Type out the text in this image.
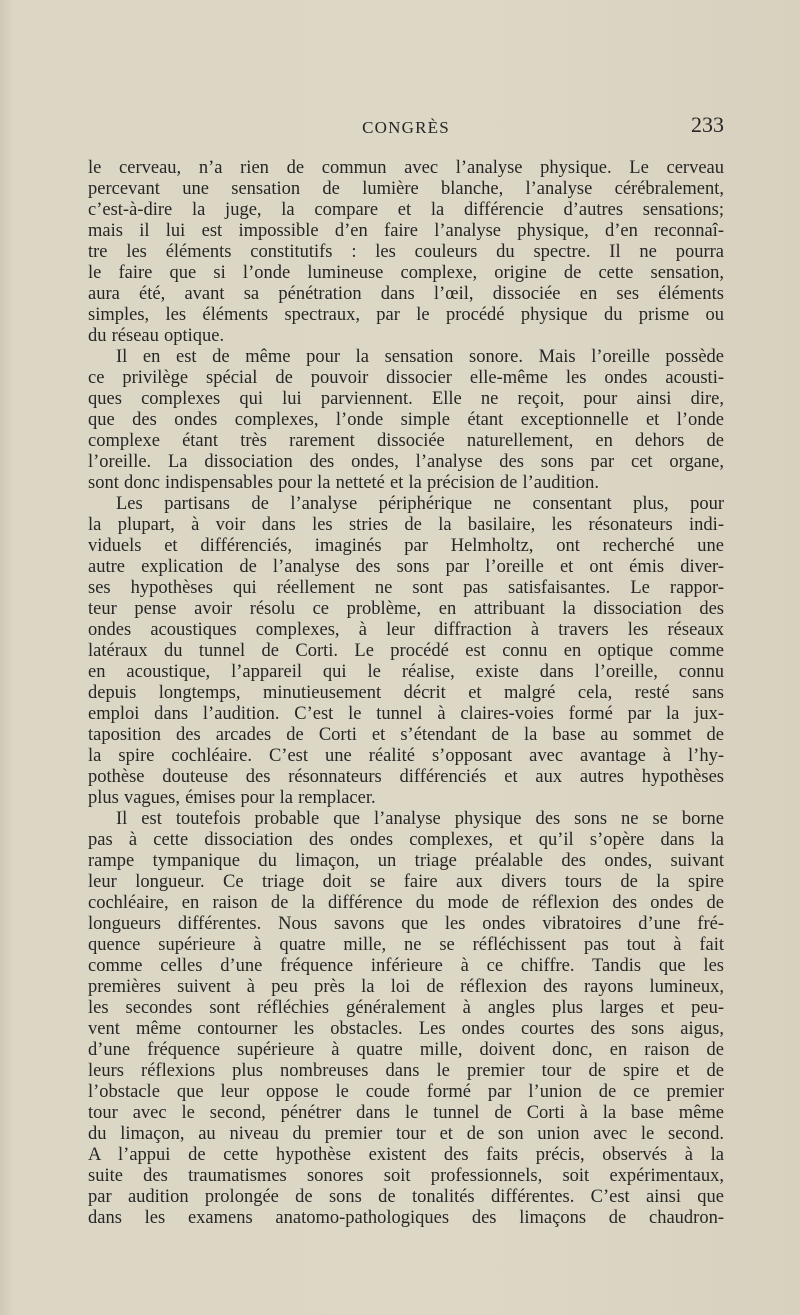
CONGRÈS	233
le cerveau, n’a rien de commun avec l’analyse physique. Le cerveau
percevant une sensation de lumière blanche, l’analyse cérébralement,
c’est-à-dire la juge, la compare et la différencie d’autres sensations;
mais il lui est impossible d’en faire l’analyse physique, d’en reconnaî-
tre les éléments constitutifs : les couleurs du spectre. Il ne pourra
le faire que si l’onde lumineuse complexe, origine de cette sensation,
aura été, avant sa pénétration dans l’œil, dissociée en ses éléments
simples, les éléments spectraux, par le procédé physique du prisme ou
du réseau optique.
Il en est de même pour la sensation sonore. Mais l’oreille possède
ce privilège spécial de pouvoir dissocier elle-même les ondes acousti-
ques complexes qui lui parviennent. Elle ne reçoit, pour ainsi dire,
que des ondes complexes, l’onde simple étant exceptionnelle et l’onde
complexe étant très rarement dissociée naturellement, en dehors de
l’oreille. La dissociation des ondes, l’analyse des sons par cet organe,
sont donc indispensables pour la netteté et la précision de l’audition.
Les partisans de l’analyse périphérique ne consentant plus, pour
la plupart, à voir dans les stries de la basilaire, les résonateurs indi-
viduels et différenciés, imaginés par Helmholtz, ont recherché une
autre explication de l’analyse des sons par l’oreille et ont émis diver-
ses hypothèses qui réellement ne sont pas satisfaisantes. Le rappor-
teur pense avoir résolu ce problème, en attribuant la dissociation des
ondes acoustiques complexes, à leur diffraction à travers les réseaux
latéraux du tunnel de Corti. Le procédé est connu en optique comme
en acoustique, l’appareil qui le réalise, existe dans l’oreille, connu
depuis longtemps, minutieusement décrit et malgré cela, resté sans
emploi dans l’audition. C’est le tunnel à claires-voies formé par la jux-
taposition des arcades de Corti et s’étendant de la base au sommet de
la spire cochléaire. C’est une réalité s’opposant avec avantage à l’hy-
pothèse douteuse des résonnateurs différenciés et aux autres hypothèses
plus vagues, émises pour la remplacer.
Il est toutefois probable que l’analyse physique des sons ne se borne
pas à cette dissociation des ondes complexes, et qu’il s’opère dans la
rampe tympanique du limaçon, un triage préalable des ondes, suivant
leur longueur. Ce triage doit se faire aux divers tours de la spire
cochléaire, en raison de la différence du mode de réflexion des ondes de
longueurs différentes. Nous savons que les ondes vibratoires d’une fré-
quence supérieure à quatre mille, ne se réfléchissent pas tout à fait
comme celles d’une fréquence inférieure à ce chiffre. Tandis que les
premières suivent à peu près la loi de réflexion des rayons lumineux,
les secondes sont réfléchies généralement à angles plus larges et peu-
vent même contourner les obstacles. Les ondes courtes des sons aigus,
d’une fréquence supérieure à quatre mille, doivent donc, en raison de
leurs réflexions plus nombreuses dans le premier tour de spire et de
l’obstacle que leur oppose le coude formé par l’union de ce premier
tour avec le second, pénétrer dans le tunnel de Corti à la base même
du limaçon, au niveau du premier tour et de son union avec le second.
A l’appui de cette hypothèse existent des faits précis, observés à la
suite des traumatismes sonores soit professionnels, soit expérimentaux,
par audition prolongée de sons de tonalités différentes. C’est ainsi que
dans les examens anatomo-pathologiques des limaçons de chaudron-
